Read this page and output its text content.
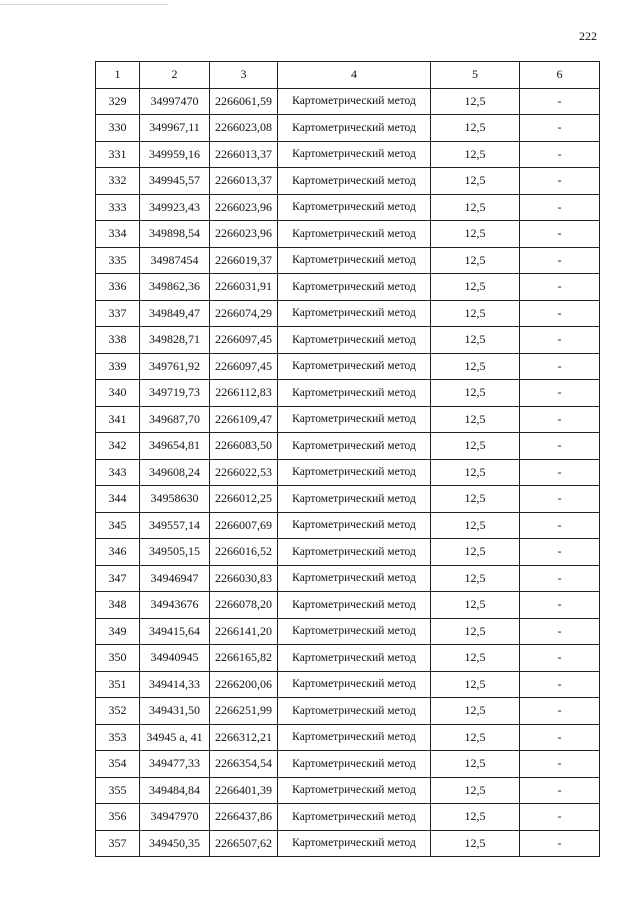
222
1	2	3	4	5	6
329	34997470	2266061,59	Картометрический метод	12,5	-
330	349967,11	2266023,08	Картометрический метод	12,5	-
331	349959,16	2266013,37	Картометрический метод	12,5	-
332	349945,57	2266013,37	Картометрический метод	12,5	-
333	349923,43	2266023,96	Картометрический метод	12,5	-
334	349898,54	2266023,96	Картометрический метод	12,5	-
335	34987454	2266019,37	Картометрический метод	12,5	-
336	349862,36	2266031,91	Картометрический метод	12,5	-
337	349849,47	2266074,29	Картометрический метод	12,5	-
338	349828,71	2266097,45	Картометрический метод	12,5	-
339	349761,92	2266097,45	Картометрический метод	12,5	-
340	349719,73	2266112,83	Картометрический метод	12,5	-
341	349687,70	2266109,47	Картометрический метод	12,5	-
342	349654,81	2266083,50	Картометрический метод	12,5	-
343	349608,24	2266022,53	Картометрический метод	12,5	-
344	34958630	2266012,25	Картометрический метод	12,5	-
345	349557,14	2266007,69	Картометрический метод	12,5	-
346	349505,15	2266016,52	Картометрический метод	12,5	-
347	34946947	2266030,83	Картометрический метод	12,5	-
348	34943676	2266078,20	Картометрический метод	12,5	-
349	349415,64	2266141,20	Картометрический метод	12,5	-
350	34940945	2266165,82	Картометрический метод	12,5	-
351	349414,33	2266200,06	Картометрический метод	12,5	-
352	349431,50	2266251,99	Картометрический метод	12,5	-
353	34945 а, 41	2266312,21	Картометрический метод	12,5	-
354	349477,33	2266354,54	Картометрический метод	12,5	-
355	349484,84	2266401,39	Картометрический метод	12,5	-
356	34947970	2266437,86	Картометрический метод	12,5	-
357	349450,35	2266507,62	Картометрический метод	12,5	-
